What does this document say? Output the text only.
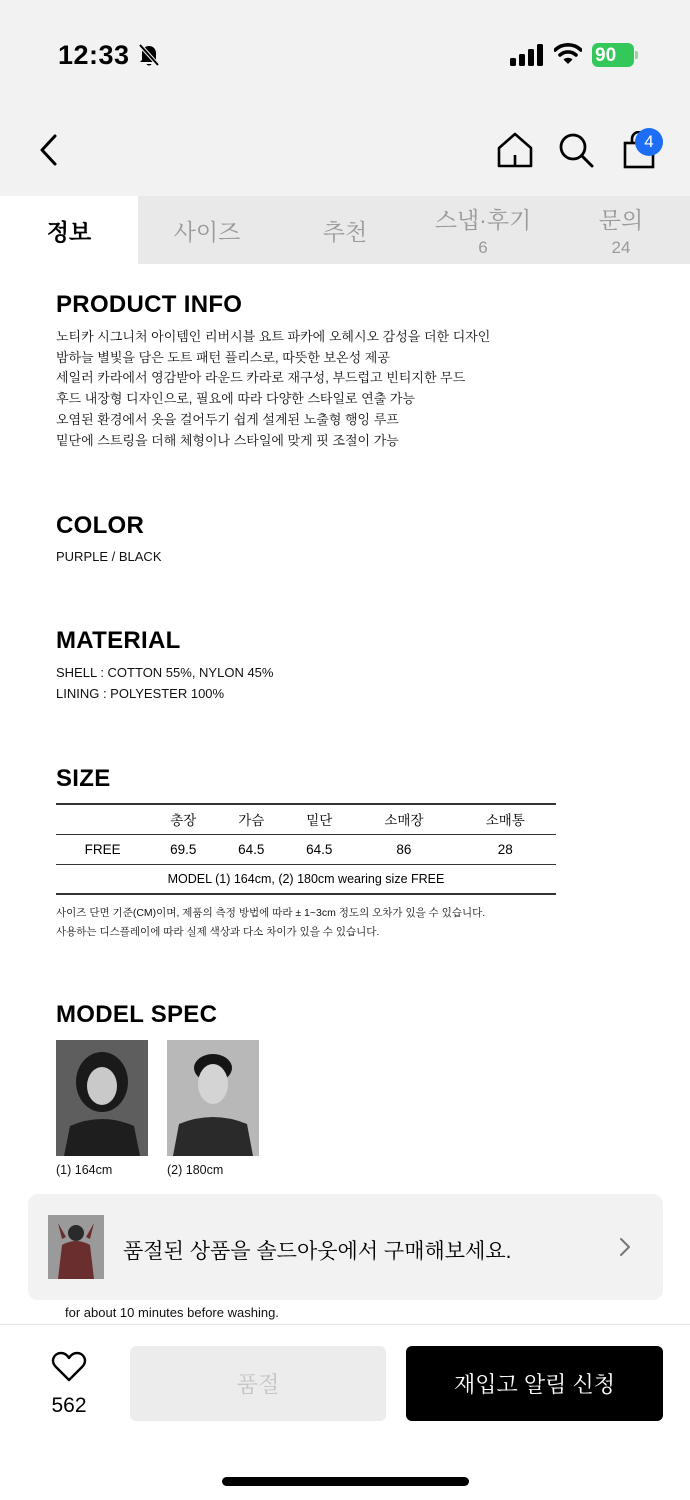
12:33	90
4
정보	사이즈	추천	스냅·후기
6
문의
24
PRODUCT INFO
노티카 시그니처 아이템인 리버시블 요트 파카에 오헤시오 감성을 더한 디자인
밤하늘 별빛을 담은 도트 패턴 플리스로, 따뜻한 보온성 제공
세일러 카라에서 영감받아 라운드 카라로 재구성, 부드럽고 빈티지한 무드
후드 내장형 디자인으로, 필요에 따라 다양한 스타일로 연출 가능
오염된 환경에서 옷을 걸어두기 쉽게 설계된 노출형 행잉 루프
밑단에 스트링을 더해 체형이나 스타일에 맞게 핏 조절이 가능
COLOR
PURPLE / BLACK
MATERIAL
SHELL : COTTON 55%, NYLON 45%
LINING : POLYESTER 100%
SIZE
	총장	가슴	밑단	소매장	소매통
FREE	69.5	64.5	64.5	86	28
MODEL (1) 164cm, (2) 180cm wearing size FREE					
사이즈 단면 기준(CM)이며, 제품의 측정 방법에 따라 ± 1~3cm 정도의 오차가 있을 수 있습니다.
사용하는 디스플레이에 따라 실제 색상과 다소 차이가 있을 수 있습니다.
MODEL SPEC
(1) 164cm	(2) 180cm
품절된 상품을 솔드아웃에서 구매해보세요.
for about 10 minutes before washing.
562
품절	재입고 알림 신청
